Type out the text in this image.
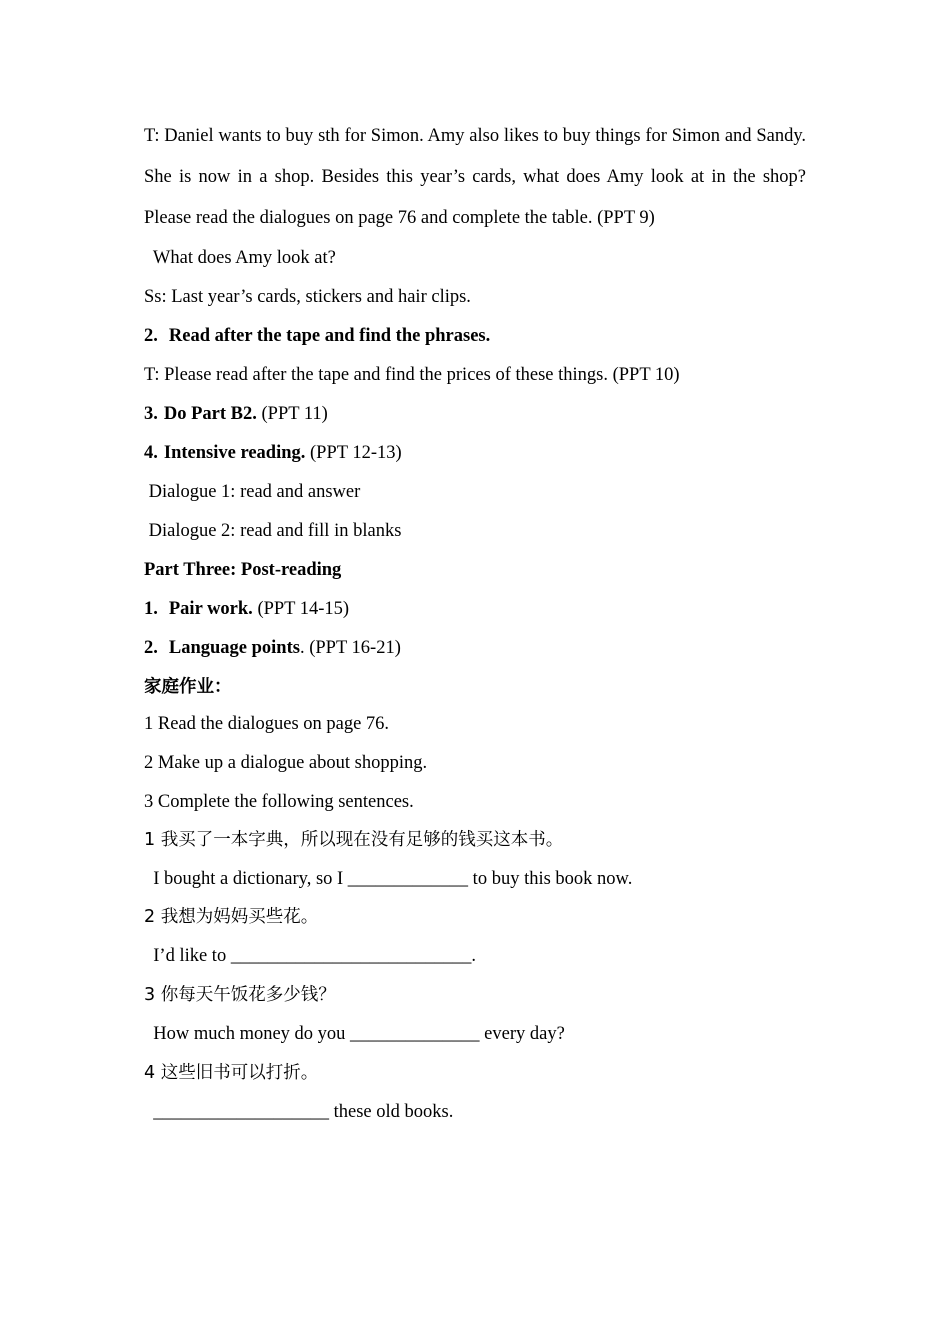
T: Daniel wants to buy sth for Simon. Amy also likes to buy things for Simon and Sandy. She is now in a shop. Besides this year’s cards, what does Amy look at in the shop? Please read the dialogues on page 76 and complete the table. (PPT 9)
What does Amy look at?
Ss: Last year’s cards, stickers and hair clips.
2. Read after the tape and find the phrases.
T: Please read after the tape and find the prices of these things. (PPT 10)
3. Do Part B2. (PPT 11)
4. Intensive reading. (PPT 12-13)
Dialogue 1: read and answer
Dialogue 2: read and fill in blanks
Part Three: Post-reading
1. Pair work. (PPT 14-15)
2. Language points. (PPT 16-21)
家庭作业：
1 Read the dialogues on page 76.
2 Make up a dialogue about shopping.
3 Complete the following sentences.
1 我买了一本字典，所以现在没有足够的钱买这本书。
I bought a dictionary, so I _____________ to buy this book now.
2 我想为妈妈买些花。
I’d like to __________________________.
3 你每天午饭花多少钱？
How much money do you ______________ every day?
4 这些旧书可以打折。
___________________ these old books.
